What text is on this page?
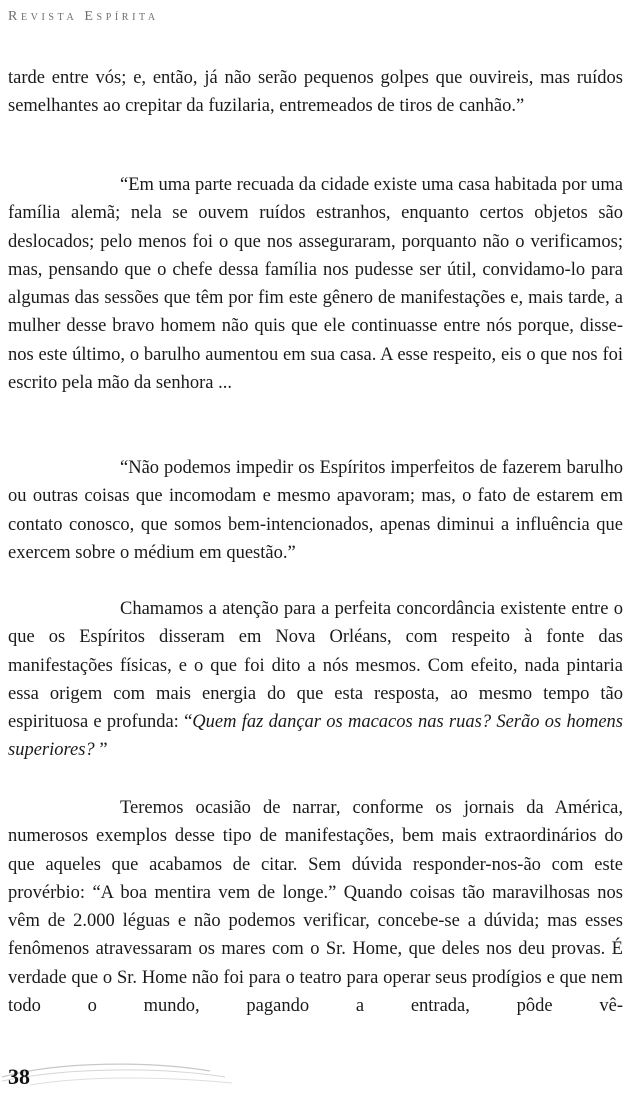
Revista Espírita

tarde entre vós; e, então, já não serão pequenos golpes que ouvireis, mas ruídos semelhantes ao crepitar da fuzilaria, entremeados de tiros de canhão.”

“Em uma parte recuada da cidade existe uma casa habitada por uma família alemã; nela se ouvem ruídos estranhos, enquanto certos objetos são deslocados; pelo menos foi o que nos asseguraram, porquanto não o verificamos; mas, pensando que o chefe dessa família nos pudesse ser útil, convidamo-lo para algumas das sessões que têm por fim este gênero de manifestações e, mais tarde, a mulher desse bravo homem não quis que ele continuasse entre nós porque, disse-nos este último, o barulho aumentou em sua casa. A esse respeito, eis o que nos foi escrito pela mão da senhora ...

“Não podemos impedir os Espíritos imperfeitos de fazerem barulho ou outras coisas que incomodam e mesmo apavoram; mas, o fato de estarem em contato conosco, que somos bem-intencionados, apenas diminui a influência que exercem sobre o médium em questão.”

Chamamos a atenção para a perfeita concordância existente entre o que os Espíritos disseram em Nova Orléans, com respeito à fonte das manifestações físicas, e o que foi dito a nós mesmos. Com efeito, nada pintaria essa origem com mais energia do que esta resposta, ao mesmo tempo tão espirituosa e profunda: “Quem faz dançar os macacos nas ruas? Serão os homens superiores? ”

Teremos ocasião de narrar, conforme os jornais da América, numerosos exemplos desse tipo de manifestações, bem mais extraordinários do que aqueles que acabamos de citar. Sem dúvida responder-nos-ão com este provérbio: “A boa mentira vem de longe.” Quando coisas tão maravilhosas nos vêm de 2.000 léguas e não podemos verificar, concebe-se a dúvida; mas esses fenômenos atravessaram os mares com o Sr. Home, que deles nos deu provas. É verdade que o Sr. Home não foi para o teatro para operar seus prodígios e que nem todo o mundo, pagando a entrada, pôde vê-

38
